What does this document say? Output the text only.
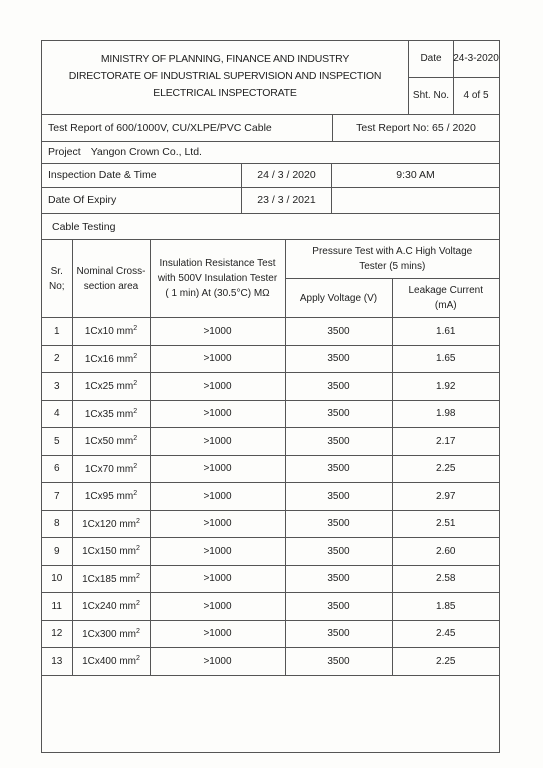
MINISTRY OF PLANNING, FINANCE AND INDUSTRY
DIRECTORATE OF INDUSTRIAL SUPERVISION AND INSPECTION
ELECTRICAL INSPECTORATE
Date	24-3-2020
Sht. No.	4 of 5
Test Report of 600/1000V, CU/XLPE/PVC Cable	Test Report No: 65 / 2020
Project Yangon Crown Co., Ltd.
Inspection Date & Time	24 / 3 / 2020	9:30 AM
Date Of Expiry	23 / 3 / 2021
Cable Testing				
Sr. No;	Nominal Cross-section area	Insulation Resistance Test with 500V Insulation Tester ( 1 min) At (30.5°C) MΩ	Pressure Test with A.C High Voltage Tester (5 mins)	
			Apply Voltage (V)	Leakage Current (mA)
1	1Cx10 $mm^2$	>1000	3500	1.61
2	1Cx16 $mm^2$	>1000	3500	1.65
3	1Cx25 $mm^2$	>1000	3500	1.92
4	1Cx35 $mm^2$	>1000	3500	1.98
5	1Cx50 $mm^2$	>1000	3500	2.17
6	1Cx70 $mm^2$	>1000	3500	2.25
7	1Cx95 $mm^2$	>1000	3500	2.97
8	1Cx120 $mm^2$	>1000	3500	2.51
9	1Cx150 $mm^2$	>1000	3500	2.60
10	1Cx185 $mm^2$	>1000	3500	2.58
11	1Cx240 $mm^2$	>1000	3500	1.85
12	1Cx300 $mm^2$	>1000	3500	2.45
13	1Cx400 $mm^2$	>1000	3500	2.25
